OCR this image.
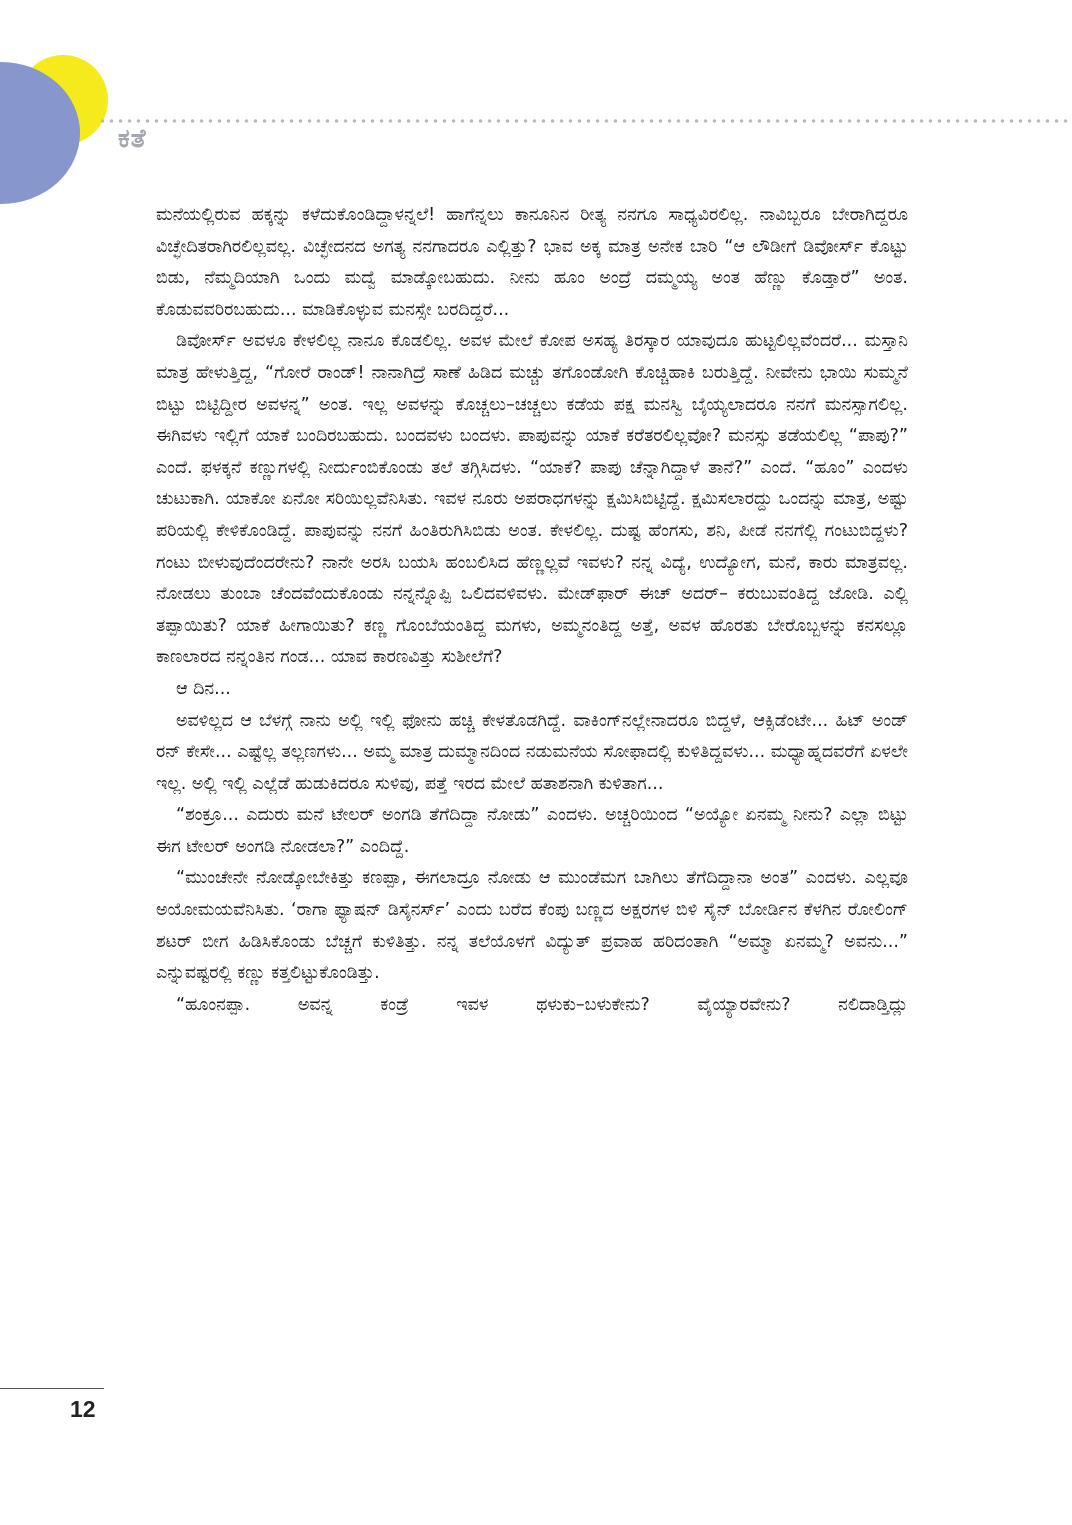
ಕತೆ

ಮನೆಯಲ್ಲಿರುವ ಹಕ್ಕನ್ನು ಕಳೆದುಕೊಂಡಿದ್ದಾಳನ್ನಲೆ! ಹಾಗೆನ್ನಲು ಕಾನೂನಿನ ರೀತ್ಯ ನನಗೂ ಸಾಧ್ಯವಿರಲಿಲ್ಲ. ನಾವಿಬ್ಬರೂ ಬೇರಾಗಿದ್ದರೂ ವಿಚ್ಛೇದಿತರಾಗಿರಲಿಲ್ಲವಲ್ಲ. ವಿಚ್ಛೇದನದ ಅಗತ್ಯ ನನಗಾದರೂ ಎಲ್ಲಿತ್ತು? ಭಾವ ಅಕ್ಕ ಮಾತ್ರ ಅನೇಕ ಬಾರಿ “ಆ ಲೌಡೀಗೆ ಡಿವೋರ್ಸ್ ಕೊಟ್ಟು ಬಿಡು, ನೆಮ್ಮದಿಯಾಗಿ ಒಂದು ಮದ್ವೆ ಮಾಡ್ಕೋಬಹುದು. ನೀನು ಹೂಂ ಅಂದ್ರೆ ದಮ್ಮಯ್ಯ ಅಂತ ಹೆಣ್ಣು ಕೊಡ್ತಾರೆ” ಅಂತ. ಕೊಡುವವರಿರಬಹುದು... ಮಾಡಿಕೊಳ್ಳುವ ಮನಸ್ಸೇ ಬರದಿದ್ದರೆ...

ಡಿವೋರ್ಸ್ ಅವಳೂ ಕೇಳಲಿಲ್ಲ ನಾನೂ ಕೊಡಲಿಲ್ಲ. ಅವಳ ಮೇಲೆ ಕೋಪ ಅಸಹ್ಯ ತಿರಸ್ಕಾರ ಯಾವುದೂ ಹುಟ್ಟಲಿಲ್ಲವೆಂದರೆ... ಮಸ್ತಾನಿ ಮಾತ್ರ ಹೇಳುತ್ತಿದ್ದ, “ಗೋರೆ ರಾಂಡ್! ನಾನಾಗಿದ್ರೆ ಸಾಣೆ ಹಿಡಿದ ಮಚ್ಚು ತಗೊಂಡೋಗಿ ಕೊಚ್ಚಿಹಾಕಿ ಬರುತ್ತಿದ್ದೆ. ನೀವೇನು ಭಾಯಿ ಸುಮ್ಮನೆ ಬಿಟ್ಟು ಬಿಟ್ಟಿದ್ದೀರ ಅವಳನ್ನ” ಅಂತ. ಇಲ್ಲ ಅವಳನ್ನು ಕೊಚ್ಚಲು–ಚಚ್ಚಲು ಕಡೆಯ ಪಕ್ಷ ಮನಸ್ವಿ ಬೈಯ್ಯಲಾದರೂ ನನಗೆ ಮನಸ್ಸಾಗಲಿಲ್ಲ. ಈಗಿವಳು ಇಲ್ಲಿಗೆ ಯಾಕೆ ಬಂದಿರಬಹುದು. ಬಂದವಳು ಬಂದಳು. ಪಾಪುವನ್ನು ಯಾಕೆ ಕರೆತರಲಿಲ್ಲವೋ? ಮನಸ್ಸು ತಡೆಯಲಿಲ್ಲ “ಪಾಪು?” ಎಂದೆ. ಫಳಕ್ಕನೆ ಕಣ್ಣುಗಳಲ್ಲಿ ನೀರ್ದುಂಬಿಕೊಂಡು ತಲೆ ತಗ್ಗಿಸಿದಳು. “ಯಾಕೆ? ಪಾಪು ಚೆನ್ನಾಗಿದ್ದಾಳೆ ತಾನೆ?” ಎಂದೆ. “ಹೂಂ” ಎಂದಳು ಚುಟುಕಾಗಿ. ಯಾಕೋ ಏನೋ ಸರಿಯಿಲ್ಲವೆನಿಸಿತು. ಇವಳ ನೂರು ಅಪರಾಧಗಳನ್ನು ಕ್ಷಮಿಸಿಬಿಟ್ಟಿದ್ದೆ. ಕ್ಷಮಿಸಲಾರದ್ದು ಒಂದನ್ನು ಮಾತ್ರ, ಅಷ್ಟು ಪರಿಯಲ್ಲಿ ಕೇಳಿಕೊಂಡಿದ್ದೆ. ಪಾಪುವನ್ನು ನನಗೆ ಹಿಂತಿರುಗಿಸಿಬಿಡು ಅಂತ. ಕೇಳಲಿಲ್ಲ. ದುಷ್ಟ ಹೆಂಗಸು, ಶನಿ, ಪೀಡೆ ನನಗೆಲ್ಲಿ ಗಂಟುಬಿದ್ದಳು? ಗಂಟು ಬೀಳುವುದೆಂದರೇನು? ನಾನೇ ಅರಸಿ ಬಯಸಿ ಹಂಬಲಿಸಿದ ಹೆಣ್ಣಲ್ಲವೆ ಇವಳು? ನನ್ನ ವಿದ್ಯೆ, ಉದ್ಯೋಗ, ಮನೆ, ಕಾರು ಮಾತ್ರವಲ್ಲ. ನೋಡಲು ತುಂಬಾ ಚೆಂದವೆಂದುಕೊಂಡು ನನ್ನನ್ನೊಪ್ಪಿ ಒಲಿದವಳಿವಳು. ಮೇಡ್‌ಫಾರ್ ಈಚ್ ಅದರ್– ಕರುಬುವಂತಿದ್ದ ಜೋಡಿ. ಎಲ್ಲಿ ತಪ್ಪಾಯಿತು? ಯಾಕೆ ಹೀಗಾಯಿತು? ಕಣ್ಣ ಗೊಂಬೆಯಂತಿದ್ದ ಮಗಳು, ಅಮ್ಮನಂತಿದ್ದ ಅತ್ತೆ, ಅವಳ ಹೊರತು ಬೇರೊಬ್ಬಳನ್ನು ಕನಸಲ್ಲೂ ಕಾಣಲಾರದ ನನ್ನಂತಿನ ಗಂಡ... ಯಾವ ಕಾರಣವಿತ್ತು ಸುಶೀಲೆಗೆ?

ಆ ದಿನ...

ಅವಳಿಲ್ಲದ ಆ ಬೆಳಗ್ಗೆ ನಾನು ಅಲ್ಲಿ ಇಲ್ಲಿ ಫೋನು ಹಚ್ಚಿ ಕೇಳತೊಡಗಿದ್ದೆ. ವಾಕಿಂಗ್‌ನಲ್ಲೇನಾದರೂ ಬಿದ್ದಳೆ, ಆಕ್ಸಿಡೆಂಟೇ... ಹಿಟ್ ಅಂಡ್ ರನ್ ಕೇಸೇ... ಎಷ್ಟೆಲ್ಲ ತಲ್ಲಣಗಳು... ಅಮ್ಮ ಮಾತ್ರ ದುಮ್ಮಾನದಿಂದ ನಡುಮನೆಯ ಸೋಫಾದಲ್ಲಿ ಕುಳಿತಿದ್ದವಳು... ಮಧ್ಯಾಹ್ನದವರೆಗೆ ಏಳಲೇ ಇಲ್ಲ. ಅಲ್ಲಿ ಇಲ್ಲಿ ಎಲ್ಲೆಡೆ ಹುಡುಕಿದರೂ ಸುಳಿವು, ಪತ್ತೆ ಇರದ ಮೇಲೆ ಹತಾಶನಾಗಿ ಕುಳಿತಾಗ...

“ಶಂಕ್ರೂ... ಎದುರು ಮನೆ ಟೇಲರ್ ಅಂಗಡಿ ತೆಗೆದಿದ್ದಾ ನೋಡು” ಎಂದಳು. ಅಚ್ಚರಿಯಿಂದ “ಅಯ್ಯೋ ಏನಮ್ಮ ನೀನು? ಎಲ್ಲಾ ಬಿಟ್ಟು ಈಗ ಟೇಲರ್ ಅಂಗಡಿ ನೋಡಲಾ?” ಎಂದಿದ್ದೆ.

“ಮುಂಚೇನೇ ನೋಡ್ಕೋಬೇಕಿತ್ತು ಕಣಪ್ಪಾ, ಈಗಲಾದ್ರೂ ನೋಡು ಆ ಮುಂಡೆಮಗ ಬಾಗಿಲು ತೆಗೆದಿದ್ದಾನಾ ಅಂತ” ಎಂದಳು. ಎಲ್ಲವೂ ಅಯೋಮಯವೆನಿಸಿತು. ‘ರಾಗಾ ಫ್ಯಾಷನ್ ಡಿಸೈನರ್ಸ್’ ಎಂದು ಬರೆದ ಕೆಂಪು ಬಣ್ಣದ ಅಕ್ಷರಗಳ ಬಿಳಿ ಸೈನ್ ಬೋರ್ಡಿನ ಕೆಳಗಿನ ರೋಲಿಂಗ್ ಶಟರ್ ಬೀಗ ಹಿಡಿಸಿಕೊಂಡು ಬೆಚ್ಚಗೆ ಕುಳಿತಿತ್ತು. ನನ್ನ ತಲೆಯೊಳಗೆ ವಿದ್ಯುತ್ ಪ್ರವಾಹ ಹರಿದಂತಾಗಿ “ಅಮ್ಮಾ ಏನಮ್ಮ? ಅವನು...” ಎನ್ನುವಷ್ಟರಲ್ಲಿ ಕಣ್ಣು ಕತ್ತಲಿಟ್ಟುಕೊಂಡಿತ್ತು.

“ಹೂಂನಪ್ಪಾ. ಅವನ್ನ ಕಂಡ್ರೆ ಇವಳ ಥಳುಕು–ಬಳುಕೇನು? ವೈಯ್ಯಾರವೇನು? ನಲಿದಾಡ್ತಿದ್ಲು

12
